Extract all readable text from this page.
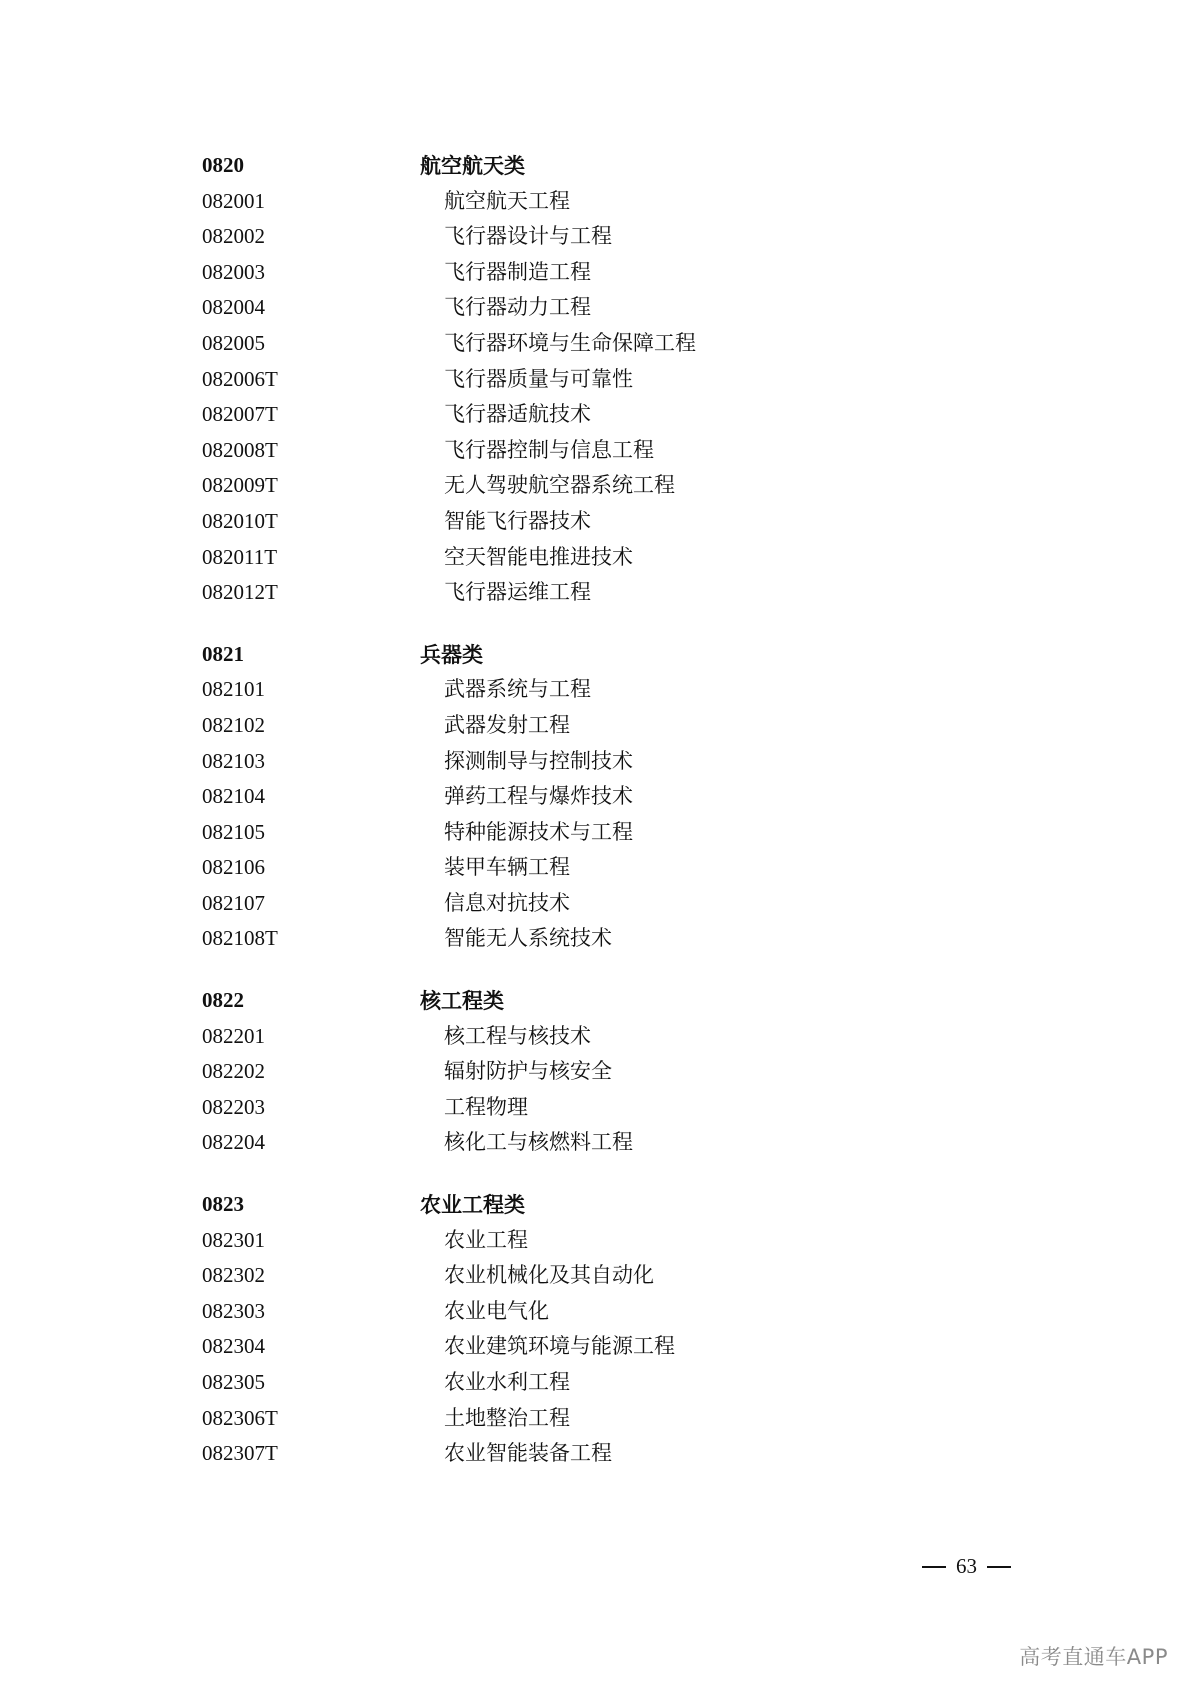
0820	航空航天类
082001	航空航天工程
082002	飞行器设计与工程
082003	飞行器制造工程
082004	飞行器动力工程
082005	飞行器环境与生命保障工程
082006T	飞行器质量与可靠性
082007T	飞行器适航技术
082008T	飞行器控制与信息工程
082009T	无人驾驶航空器系统工程
082010T	智能飞行器技术
082011T	空天智能电推进技术
082012T	飞行器运维工程
0821	兵器类
082101	武器系统与工程
082102	武器发射工程
082103	探测制导与控制技术
082104	弹药工程与爆炸技术
082105	特种能源技术与工程
082106	装甲车辆工程
082107	信息对抗技术
082108T	智能无人系统技术
0822	核工程类
082201	核工程与核技术
082202	辐射防护与核安全
082203	工程物理
082204	核化工与核燃料工程
0823	农业工程类
082301	农业工程
082302	农业机械化及其自动化
082303	农业电气化
082304	农业建筑环境与能源工程
082305	农业水利工程
082306T	土地整治工程
082307T	农业智能装备工程
63
高考直通车APP
